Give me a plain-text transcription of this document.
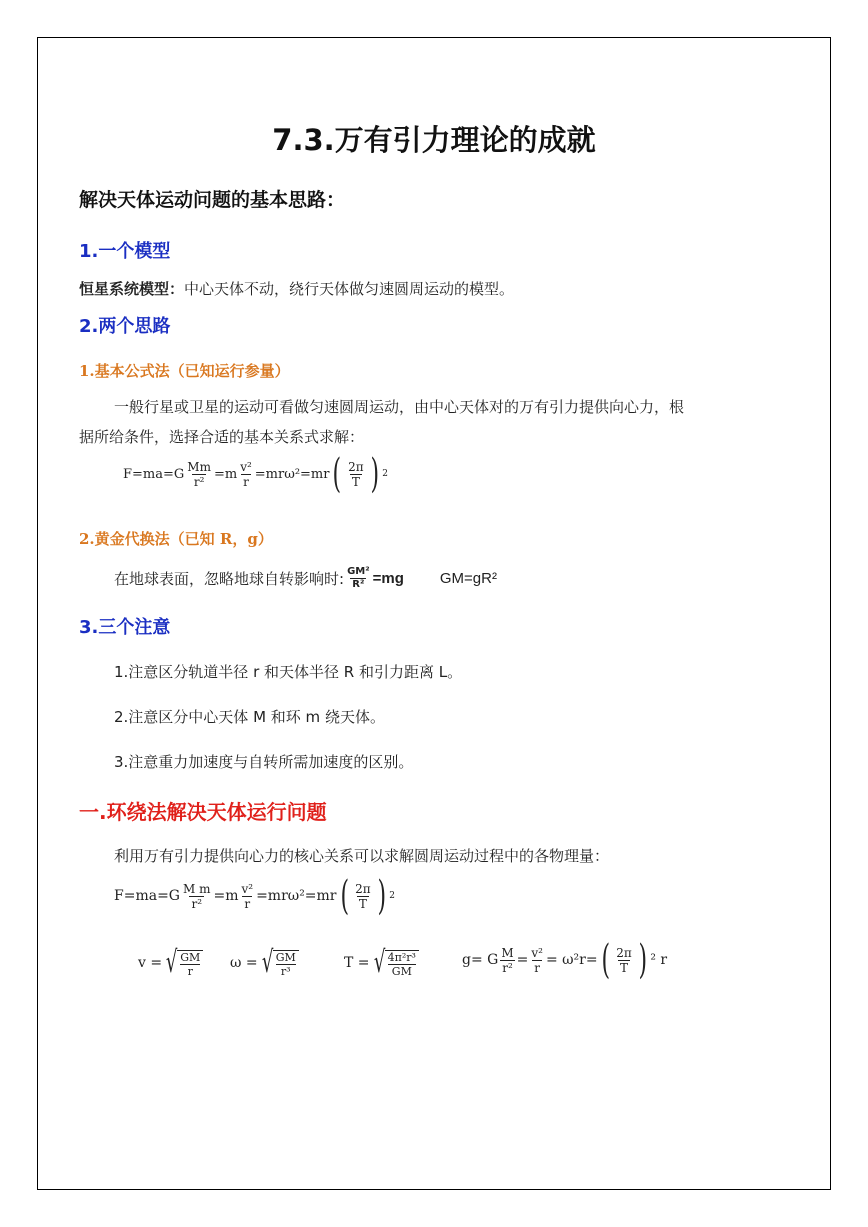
7.3.万有引力理论的成就
解决天体运动问题的基本思路：
1.一个模型
恒星系统模型：中心天体不动，绕行天体做匀速圆周运动的模型。
2.两个思路
1.基本公式法（已知运行参量）
一般行星或卫星的运动可看做匀速圆周运动，由中心天体对的万有引力提供向心力，根
据所给条件，选择合适的基本关系式求解：
$F=ma=G \frac{Mm}{\text{r²}} =m \frac{\text{v²}}{r} =mr\omega^2=mr$ ( $\frac{2\pi}{T}$ ) 2
2.黄金代换法（已知 R，g）
在地球表面，忽略地球自转影响时: $\frac{\text{GM²}}{\text{R²}} =mg$ GM=gR²
3.三个注意
1.注意区分轨道半径 r 和天体半径 R 和引力距离 L。
2.注意区分中心天体 M 和环 m 绕天体。
3.注意重力加速度与自转所需加速度的区别。
一.环绕法解决天体运行问题
利用万有引力提供向心力的核心关系可以求解圆周运动过程中的各物理量：
$F=ma=G \frac{\text{M m}}{\text{r²}} =m \frac{\text{v²}}{r} =mr\omega^2=mr$ ( $\frac{2\pi}{T}$ ) 2
v = √ $\frac{GM}{r}$ ω = √ $\frac{GM}{\text{r³}}$	T = √ $\frac{\text{4π²r³}}{GM}$	g= G $\frac{M}{\text{r²}} = \frac{\text{v²}}{r} = \omega^2r=$ ( $\frac{2\pi}{T}$ ) ² r
